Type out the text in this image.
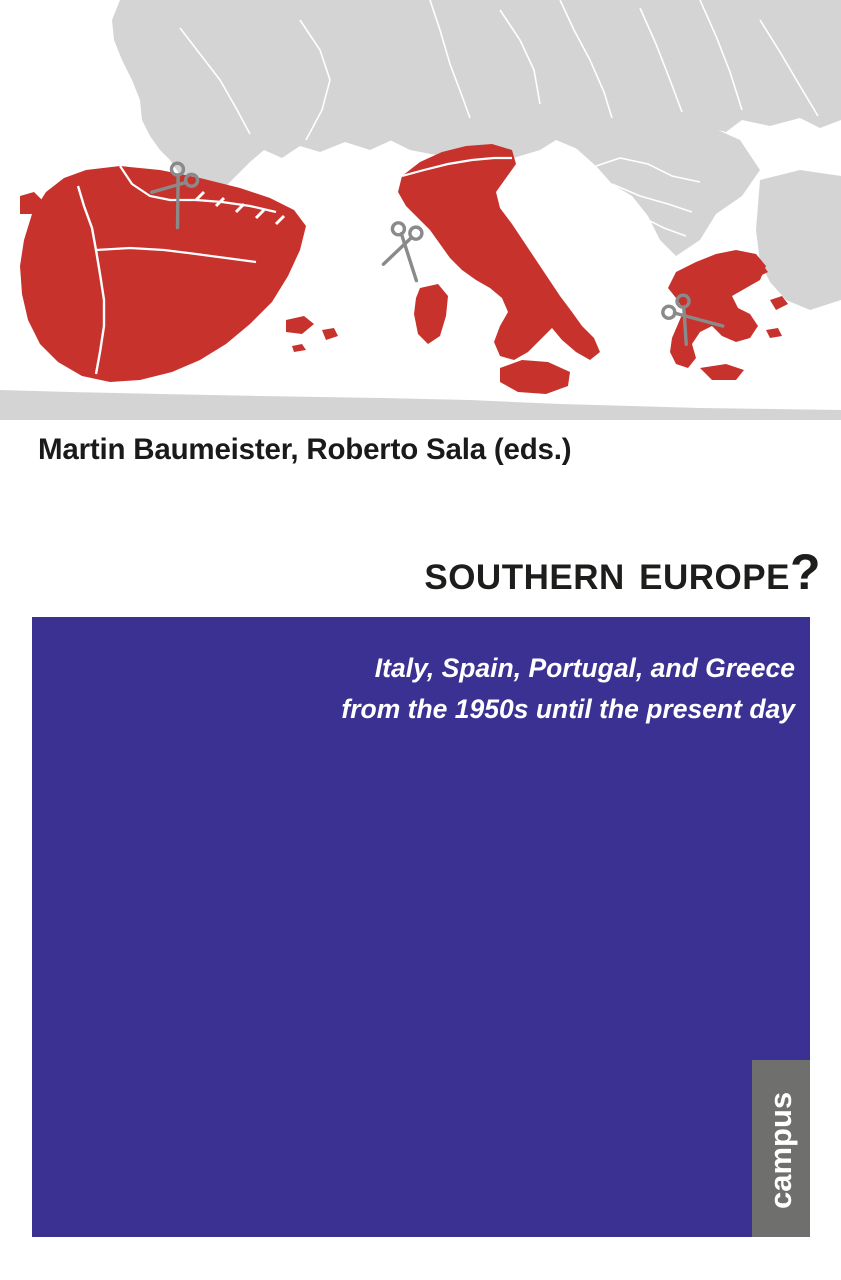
Martin Baumeister, Roberto Sala (eds.)
southern europe?
Italy, Spain, Portugal, and Greece
from the 1950s until the present day
campus
